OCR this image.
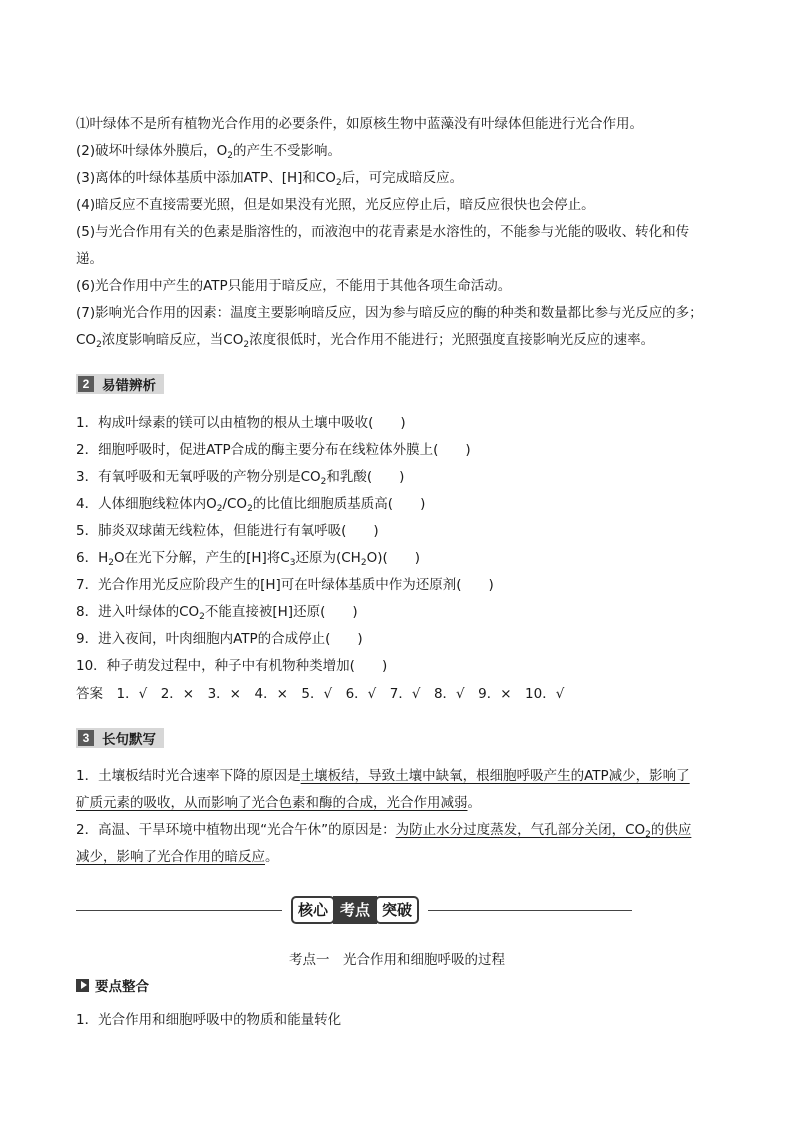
⑴叶绿体不是所有植物光合作用的必要条件，如原核生物中蓝藻没有叶绿体但能进行光合作用。
(2)破坏叶绿体外膜后，$O_2$的产生不受影响。
(3)离体的叶绿体基质中添加ATP、[H]和$CO_2$后，可完成暗反应。
(4)暗反应不直接需要光照，但是如果没有光照，光反应停止后，暗反应很快也会停止。
(5)与光合作用有关的色素是脂溶性的，而液泡中的花青素是水溶性的，不能参与光能的吸收、转化和传
递。
(6)光合作用中产生的ATP只能用于暗反应，不能用于其他各项生命活动。
(7)影响光合作用的因素：温度主要影响暗反应，因为参与暗反应的酶的种类和数量都比参与光反应的多；
$CO_2$浓度影响暗反应，当$CO_2$浓度很低时，光合作用不能进行；光照强度直接影响光反应的速率。
2 易错辨析
1．构成叶绿素的镁可以由植物的根从土壤中吸收(　　)
2．细胞呼吸时，促进ATP合成的酶主要分布在线粒体外膜上(　　)
3．有氧呼吸和无氧呼吸的产物分别是$CO_2$和乳酸(　　)
4．人体细胞线粒体内$O_2/CO_2$的比值比细胞质基质高(　　)
5．肺炎双球菌无线粒体，但能进行有氧呼吸(　　)
6．$H_2O$在光下分解，产生的[H]将$C_3$还原为$(CH_2O)$(　　)
7．光合作用光反应阶段产生的[H]可在叶绿体基质中作为还原剂(　　)
8．进入叶绿体的$CO_2$不能直接被[H]还原(　　)
9．进入夜间，叶肉细胞内ATP的合成停止(　　)
10．种子萌发过程中，种子中有机物种类增加(　　)
答案　1．√　2．×　3．×　4．×　5．√　6．√　7．√　8．√　9．×　10．√
3 长句默写
1．土壤板结时光合速率下降的原因是土壤板结，导致土壤中缺氧，根细胞呼吸产生的ATP减少，影响了
矿质元素的吸收，从而影响了光合色素和酶的合成，光合作用减弱。
2．高温、干旱环境中植物出现“光合午休”的原因是：为防止水分过度蒸发，气孔部分关闭，$CO_2$的供应
减少，影响了光合作用的暗反应。
核心 考点 突破
考点一　光合作用和细胞呼吸的过程
要点整合
1．光合作用和细胞呼吸中的物质和能量转化
